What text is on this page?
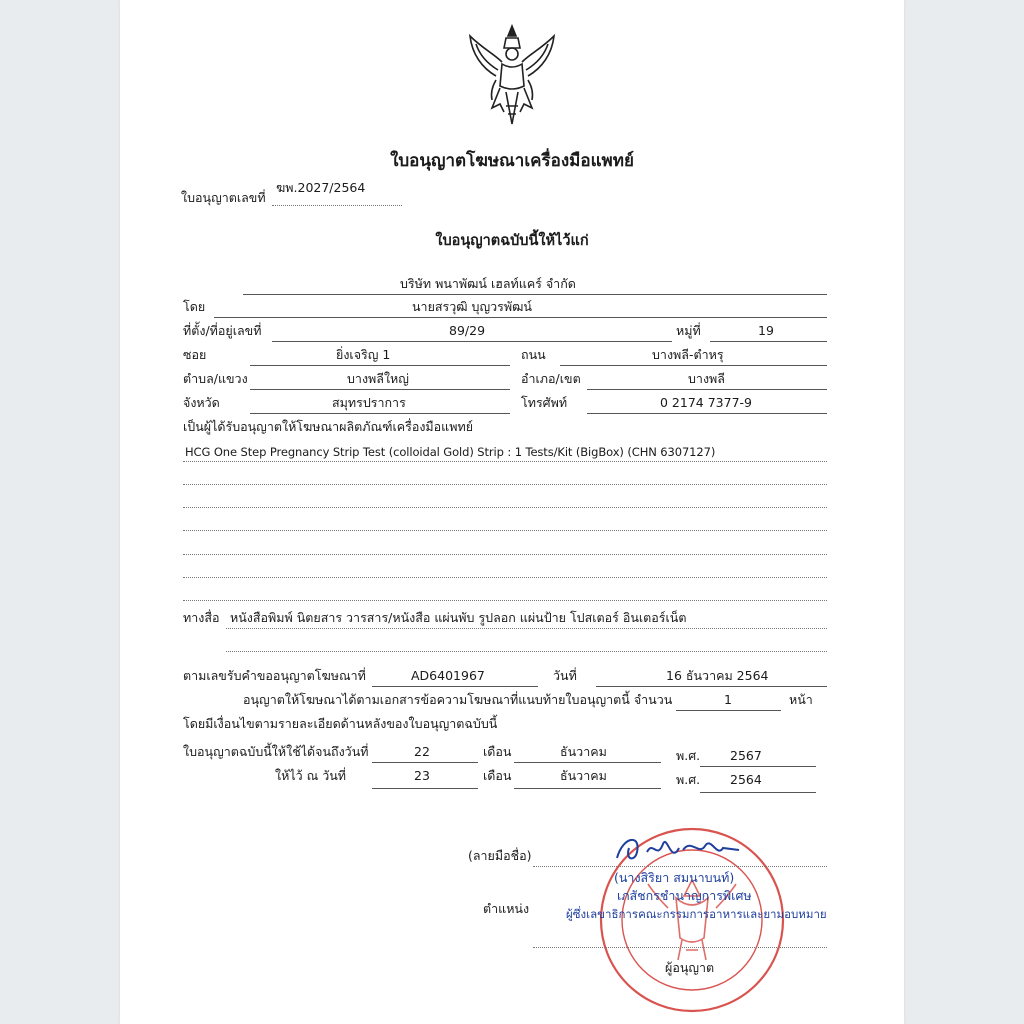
ใบอนุญาตโฆษณาเครื่องมือแพทย์
ใบอนุญาตเลขที่
ฆพ.2027/2564
ใบอนุญาตฉบับนี้ให้ไว้แก่
บริษัท พนาพัฒน์ เฮลท์แคร์ จำกัด
โดย	นายสรวุฒิ บุญวรพัฒน์
ที่ตั้ง/ที่อยู่เลขที่	89/29	หมู่ที่	19
ซอย	ยิ่งเจริญ 1	ถนน	บางพลี-ตำหรุ
ตำบล/แขวง	บางพลีใหญ่	อำเภอ/เขต	บางพลี
จังหวัด	สมุทรปราการ	โทรศัพท์	0 2174 7377-9
เป็นผู้ได้รับอนุญาตให้โฆษณาผลิตภัณฑ์เครื่องมือแพทย์
HCG One Step Pregnancy Strip Test (colloidal Gold) Strip : 1 Tests/Kit (BigBox) (CHN 6307127)
ทางสื่อ หนังสือพิมพ์ นิตยสาร วารสาร/หนังสือ แผ่นพับ รูปลอก แผ่นป้าย โปสเตอร์ อินเตอร์เน็ต
ตามเลขรับคำขออนุญาตโฆษณาที่	AD6401967	วันที่	16 ธันวาคม 2564
อนุญาตให้โฆษณาได้ตามเอกสารข้อความโฆษณาที่แนบท้ายใบอนุญาตนี้ จำนวน	1	หน้า
โดยมีเงื่อนไขตามรายละเอียดด้านหลังของใบอนุญาตฉบับนี้
ใบอนุญาตฉบับนี้ให้ใช้ได้จนถึงวันที่	22	เดือน	ธันวาคม	พ.ศ. 2567
ให้ไว้ ณ วันที่	23	เดือน	ธันวาคม	พ.ศ. 2564
(ลายมือชื่อ)
(นางสิริยา สมนาบนท์)
เภสัชกรชำนาญการพิเศษ
ตำแหน่ง	ผู้ซึ่งเลขาธิการคณะกรรมการอาหารและยามอบหมาย
ผู้อนุญาต
